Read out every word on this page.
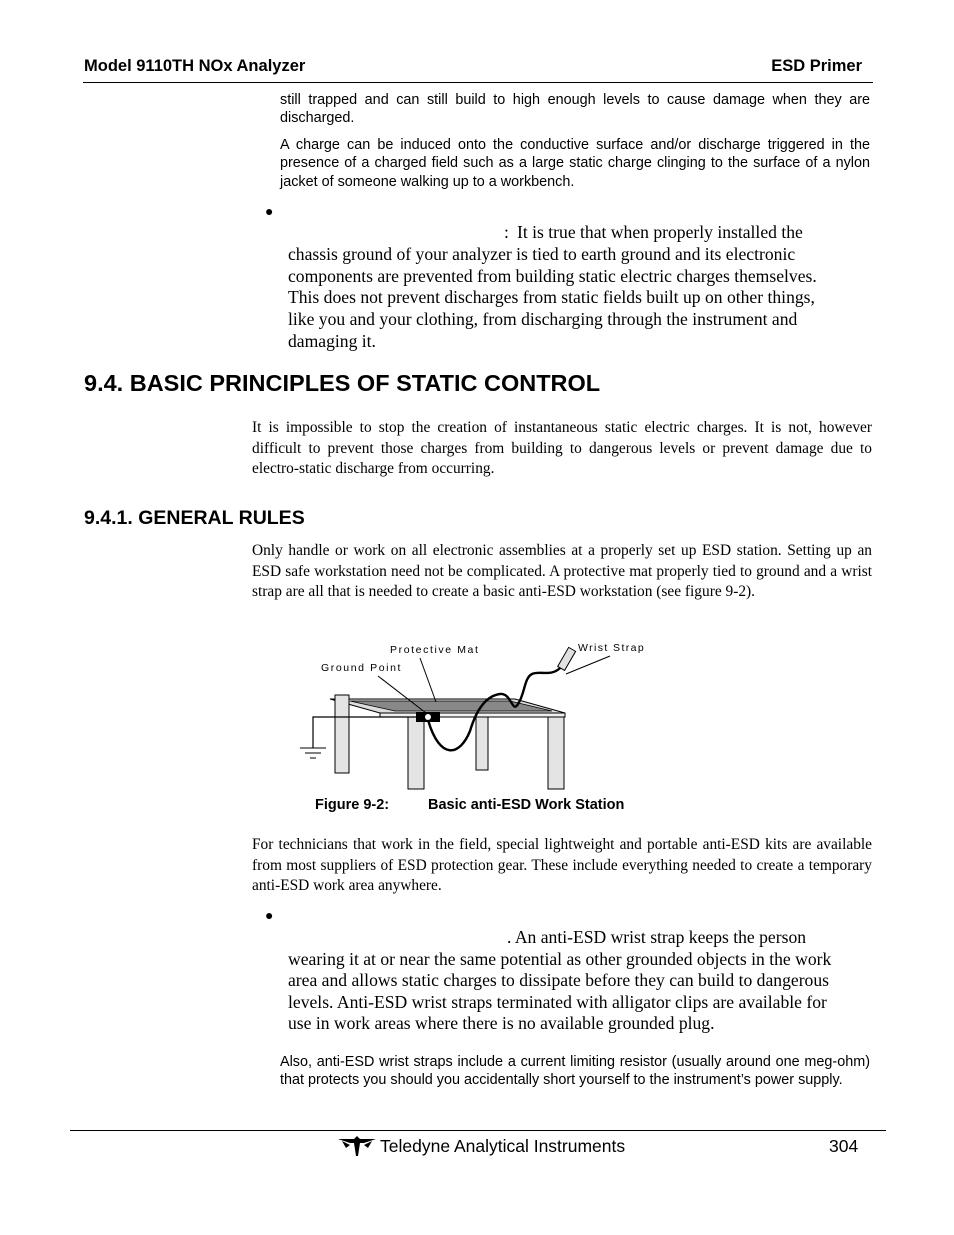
Model 9110TH NOx Analyzer	ESD Primer
still trapped and can still build to high enough levels to cause damage when they are discharged.
A charge can be induced onto the conductive surface and/or discharge triggered in the presence of a charged field such as a large static charge clinging to the surface of a nylon jacket of someone walking up to a workbench.
●
: It is true that when properly installed the
chassis ground of your analyzer is tied to earth ground and its electronic
components are prevented from building static electric charges themselves.
This does not prevent discharges from static fields built up on other things,
like you and your clothing, from discharging through the instrument and
damaging it.
9.4. BASIC PRINCIPLES OF STATIC CONTROL
It is impossible to stop the creation of instantaneous static electric charges. It is not, however difficult to prevent those charges from building to dangerous levels or prevent damage due to electro-static discharge from occurring.
9.4.1. GENERAL RULES
Only handle or work on all electronic assemblies at a properly set up ESD station. Setting up an ESD safe workstation need not be complicated. A protective mat properly tied to ground and a wrist strap are all that is needed to create a basic anti-ESD workstation (see figure 9-2).
Protective Mat
Ground Point
Wrist Strap
Figure 9-2:	Basic anti-ESD Work Station
For technicians that work in the field, special lightweight and portable anti-ESD kits are available from most suppliers of ESD protection gear. These include everything needed to create a temporary anti-ESD work area anywhere.
●
. An anti-ESD wrist strap keeps the person
wearing it at or near the same potential as other grounded objects in the work
area and allows static charges to dissipate before they can build to dangerous
levels. Anti-ESD wrist straps terminated with alligator clips are available for
use in work areas where there is no available grounded plug.
Also, anti-ESD wrist straps include a current limiting resistor (usually around one meg-ohm) that protects you should you accidentally short yourself to the instrument’s power supply.
Teledyne Analytical Instruments	304
